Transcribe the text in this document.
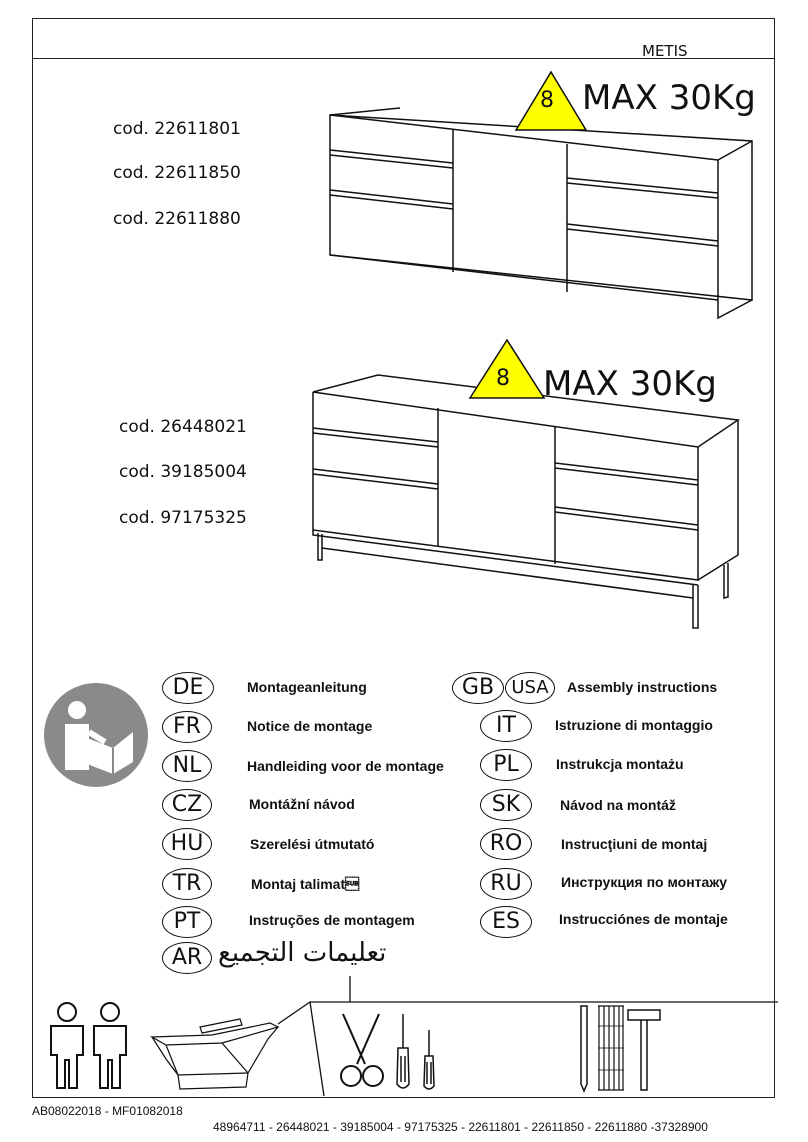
METIS
cod. 22611801
cod. 22611850
cod. 22611880
8 MAX 30Kg
cod. 26448021
cod. 39185004
cod. 97175325
8 MAX 30Kg
DE	Montageanleitung
FR	Notice de montage
NL	Handleiding voor de montage
CZ	Montážní návod
HU	Szerelési útmutató
TR	Montaj talimat
PT	Instruções de montagem
AR تعليمات التجميع
GB USA	Assembly instructions
IT	Istruzione di montaggio
PL	Instrukcja montażu
SK	Návod na montáž
RO	Instrucţiuni de montaj
RU	Инструкция по монтажу
ES	Instrucciónes de montaje
AB08022018 - MF01082018
48964711 - 26448021 - 39185004 - 97175325 - 22611801 - 22611850 - 22611880 -37328900
